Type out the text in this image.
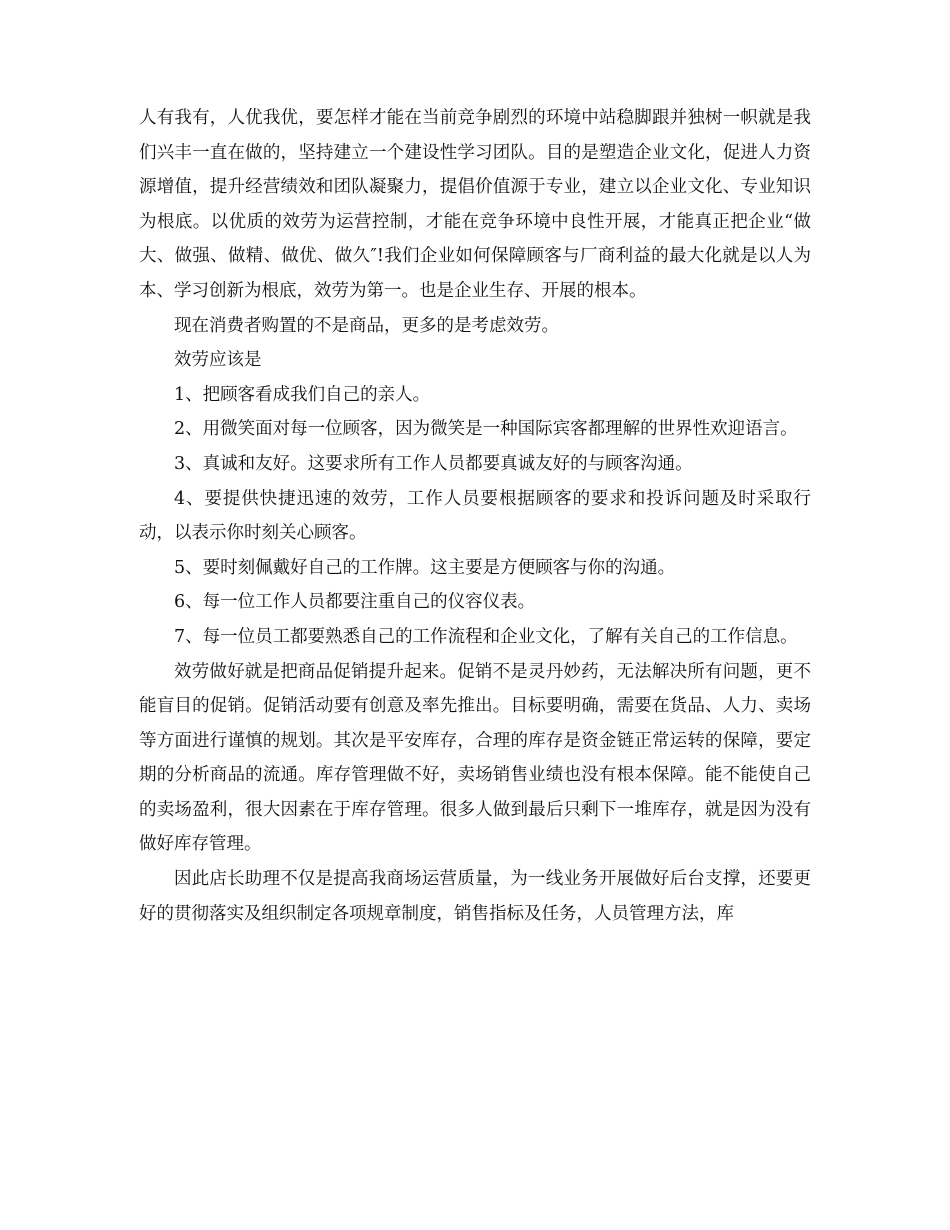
人有我有，人优我优，要怎样才能在当前竞争剧烈的环境中站稳脚跟并独树一帜就是我们兴丰一直在做的，坚持建立一个建设性学习团队。目的是塑造企业文化，促进人力资源增值，提升经营绩效和团队凝聚力，提倡价值源于专业，建立以企业文化、专业知识为根底。以优质的效劳为运营控制，才能在竞争环境中良性开展，才能真正把企业“做大、做强、做精、做优、做久″!我们企业如何保障顾客与厂商利益的最大化就是以人为本、学习创新为根底，效劳为第一。也是企业生存、开展的根本。

现在消费者购置的不是商品，更多的是考虑效劳。

效劳应该是

1、把顾客看成我们自己的亲人。

2、用微笑面对每一位顾客，因为微笑是一种国际宾客都理解的世界性欢迎语言。

3、真诚和友好。这要求所有工作人员都要真诚友好的与顾客沟通。

4、要提供快捷迅速的效劳，工作人员要根据顾客的要求和投诉问题及时采取行动，以表示你时刻关心顾客。

5、要时刻佩戴好自己的工作牌。这主要是方便顾客与你的沟通。

6、每一位工作人员都要注重自己的仪容仪表。

7、每一位员工都要熟悉自己的工作流程和企业文化，了解有关自己的工作信息。

效劳做好就是把商品促销提升起来。促销不是灵丹妙药，无法解决所有问题，更不能盲目的促销。促销活动要有创意及率先推出。目标要明确，需要在货品、人力、卖场等方面进行谨慎的规划。其次是平安库存，合理的库存是资金链正常运转的保障，要定期的分析商品的流通。库存管理做不好，卖场销售业绩也没有根本保障。能不能使自己的卖场盈利，很大因素在于库存管理。很多人做到最后只剩下一堆库存，就是因为没有做好库存管理。

因此店长助理不仅是提高我商场运营质量，为一线业务开展做好后台支撑，还要更好的贯彻落实及组织制定各项规章制度，销售指标及任务，人员管理方法，库
